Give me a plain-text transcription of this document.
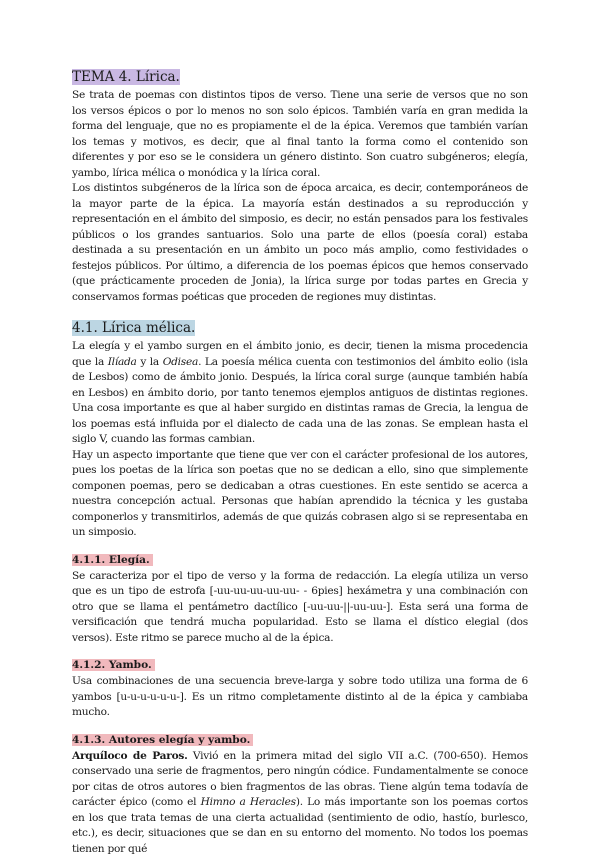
TEMA 4. Lírica.

Se trata de poemas con distintos tipos de verso. Tiene una serie de versos que no son los versos épicos o por lo menos no son solo épicos. También varía en gran medida la forma del lenguaje, que no es propiamente el de la épica. Veremos que también varían los temas y motivos, es decir, que al final tanto la forma como el contenido son diferentes y por eso se le considera un género distinto. Son cuatro subgéneros; elegía, yambo, lírica mélica o monódica y la lírica coral.

Los distintos subgéneros de la lírica son de época arcaica, es decir, contemporáneos de la mayor parte de la épica. La mayoría están destinados a su reproducción y representación en el ámbito del simposio, es decir, no están pensados para los festivales públicos o los grandes santuarios. Solo una parte de ellos (poesía coral) estaba destinada a su presentación en un ámbito un poco más amplio, como festividades o festejos públicos. Por último, a diferencia de los poemas épicos que hemos conservado (que prácticamente proceden de Jonia), la lírica surge por todas partes en Grecia y conservamos formas poéticas que proceden de regiones muy distintas.

4.1. Lírica mélica.

La elegía y el yambo surgen en el ámbito jonio, es decir, tienen la misma procedencia que la Ilíada y la Odisea. La poesía mélica cuenta con testimonios del ámbito eolio (isla de Lesbos) como de ámbito jonio. Después, la lírica coral surge (aunque también había en Lesbos) en ámbito dorio, por tanto tenemos ejemplos antiguos de distintas regiones. Una cosa importante es que al haber surgido en distintas ramas de Grecia, la lengua de los poemas está influida por el dialecto de cada una de las zonas. Se emplean hasta el siglo V, cuando las formas cambian.

Hay un aspecto importante que tiene que ver con el carácter profesional de los autores, pues los poetas de la lírica son poetas que no se dedican a ello, sino que simplemente componen poemas, pero se dedicaban a otras cuestiones. En este sentido se acerca a nuestra concepción actual. Personas que habían aprendido la técnica y les gustaba componerlos y transmitirlos, además de que quizás cobrasen algo si se representaba en un simposio.

4.1.1. Elegía.

Se caracteriza por el tipo de verso y la forma de redacción. La elegía utiliza un verso que es un tipo de estrofa [-uu-uu-uu-uu-uu- - 6pies] hexámetra y una combinación con otro que se llama el pentámetro dactílico [-uu-uu-||-uu-uu-]. Esta será una forma de versificación que tendrá mucha popularidad. Esto se llama el dístico elegial (dos versos). Este ritmo se parece mucho al de la épica.

4.1.2. Yambo.

Usa combinaciones de una secuencia breve-larga y sobre todo utiliza una forma de 6 yambos [u-u-u-u-u-u-]. Es un ritmo completamente distinto al de la épica y cambiaba mucho.

4.1.3. Autores elegía y yambo.

Arquíloco de Paros. Vivió en la primera mitad del siglo VII a.C. (700-650). Hemos conservado una serie de fragmentos, pero ningún códice. Fundamentalmente se conoce por citas de otros autores o bien fragmentos de las obras. Tiene algún tema todavía de carácter épico (como el Himno a Heracles). Lo más importante son los poemas cortos en los que trata temas de una cierta actualidad (sentimiento de odio, hastío, burlesco, etc.), es decir, situaciones que se dan en su entorno del momento. No todos los poemas tienen por qué
